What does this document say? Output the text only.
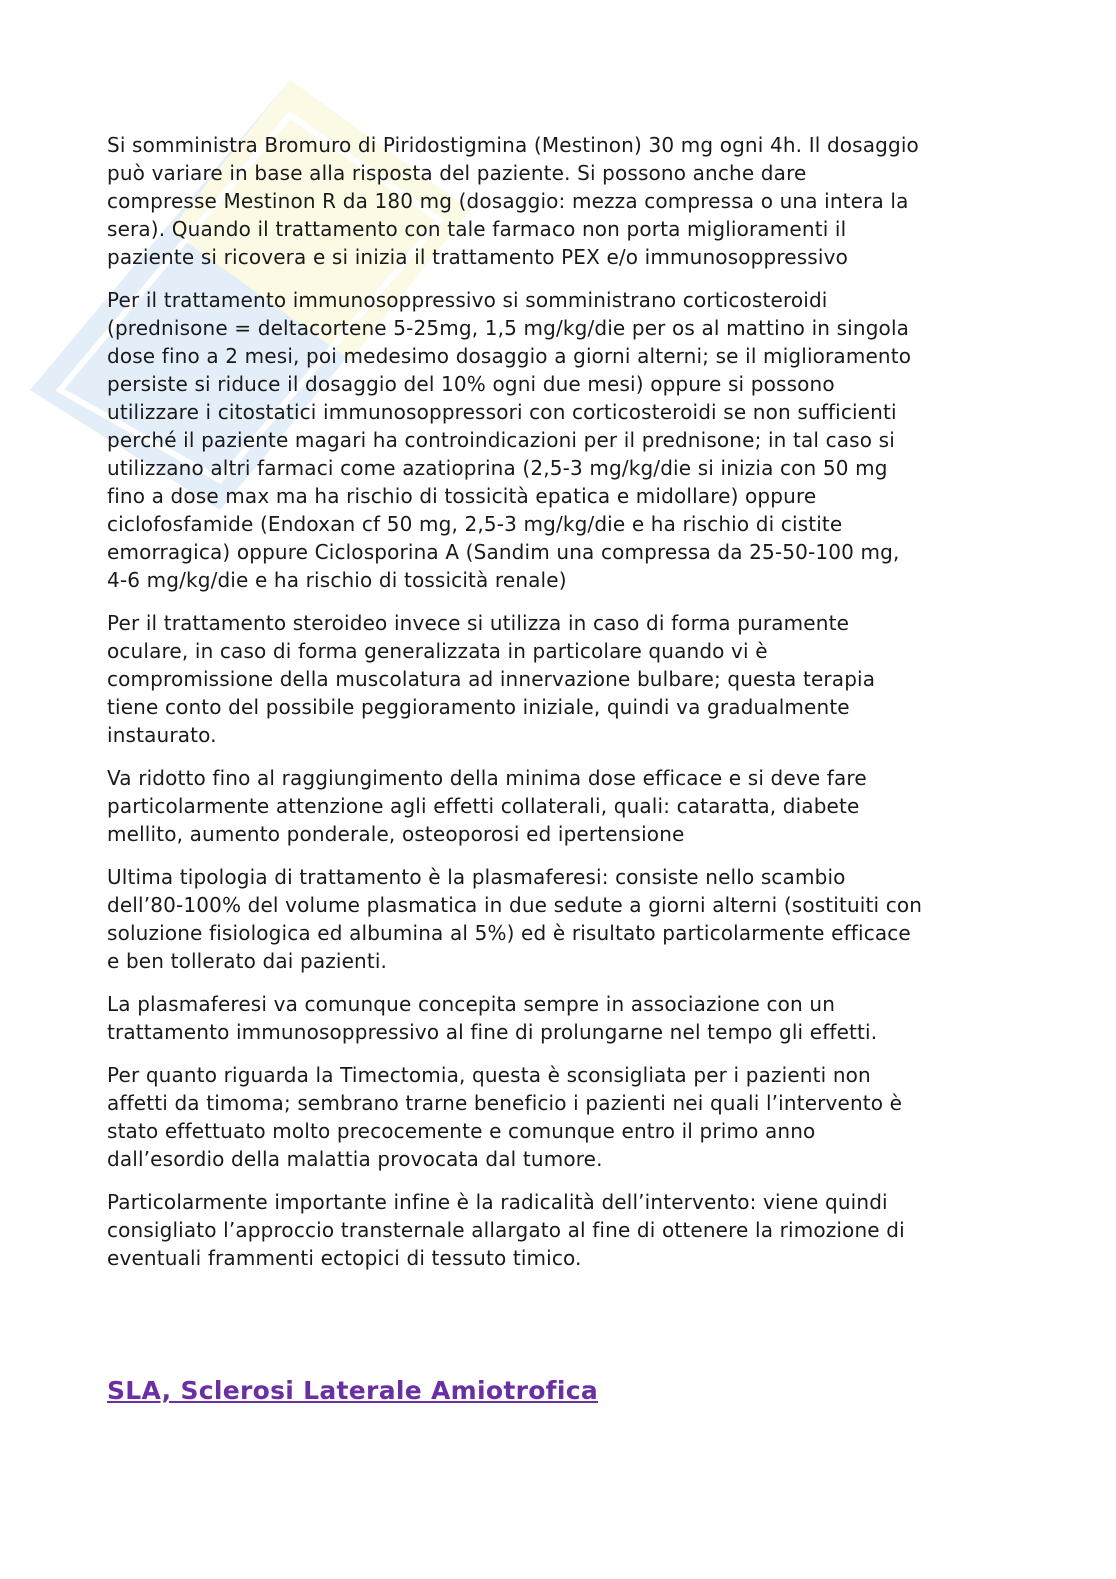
Si somministra Bromuro di Piridostigmina (Mestinon) 30 mg ogni 4h. Il dosaggio
può variare in base alla risposta del paziente. Si possono anche dare
compresse Mestinon R da 180 mg (dosaggio: mezza compressa o una intera la
sera). Quando il trattamento con tale farmaco non porta miglioramenti il
paziente si ricovera e si inizia il trattamento PEX e/o immunosoppressivo

Per il trattamento immunosoppressivo si somministrano corticosteroidi
(prednisone = deltacortene 5-25mg, 1,5 mg/kg/die per os al mattino in singola
dose fino a 2 mesi, poi medesimo dosaggio a giorni alterni; se il miglioramento
persiste si riduce il dosaggio del 10% ogni due mesi) oppure si possono
utilizzare i citostatici immunosoppressori con corticosteroidi se non sufficienti
perché il paziente magari ha controindicazioni per il prednisone; in tal caso si
utilizzano altri farmaci come azatioprina (2,5-3 mg/kg/die si inizia con 50 mg
fino a dose max ma ha rischio di tossicità epatica e midollare) oppure
ciclofosfamide (Endoxan cf 50 mg, 2,5-3 mg/kg/die e ha rischio di cistite
emorragica) oppure Ciclosporina A (Sandim una compressa da 25-50-100 mg,
4-6 mg/kg/die e ha rischio di tossicità renale)

Per il trattamento steroideo invece si utilizza in caso di forma puramente
oculare, in caso di forma generalizzata in particolare quando vi è
compromissione della muscolatura ad innervazione bulbare; questa terapia
tiene conto del possibile peggioramento iniziale, quindi va gradualmente
instaurato.

Va ridotto fino al raggiungimento della minima dose efficace e si deve fare
particolarmente attenzione agli effetti collaterali, quali: cataratta, diabete
mellito, aumento ponderale, osteoporosi ed ipertensione

Ultima tipologia di trattamento è la plasmaferesi: consiste nello scambio
dell’80-100% del volume plasmatica in due sedute a giorni alterni (sostituiti con
soluzione fisiologica ed albumina al 5%) ed è risultato particolarmente efficace
e ben tollerato dai pazienti.

La plasmaferesi va comunque concepita sempre in associazione con un
trattamento immunosoppressivo al fine di prolungarne nel tempo gli effetti.

Per quanto riguarda la Timectomia, questa è sconsigliata per i pazienti non
affetti da timoma; sembrano trarne beneficio i pazienti nei quali l’intervento è
stato effettuato molto precocemente e comunque entro il primo anno
dall’esordio della malattia provocata dal tumore.

Particolarmente importante infine è la radicalità dell’intervento: viene quindi
consigliato l’approccio transternale allargato al fine di ottenere la rimozione di
eventuali frammenti ectopici di tessuto timico.

SLA, Sclerosi Laterale Amiotrofica
